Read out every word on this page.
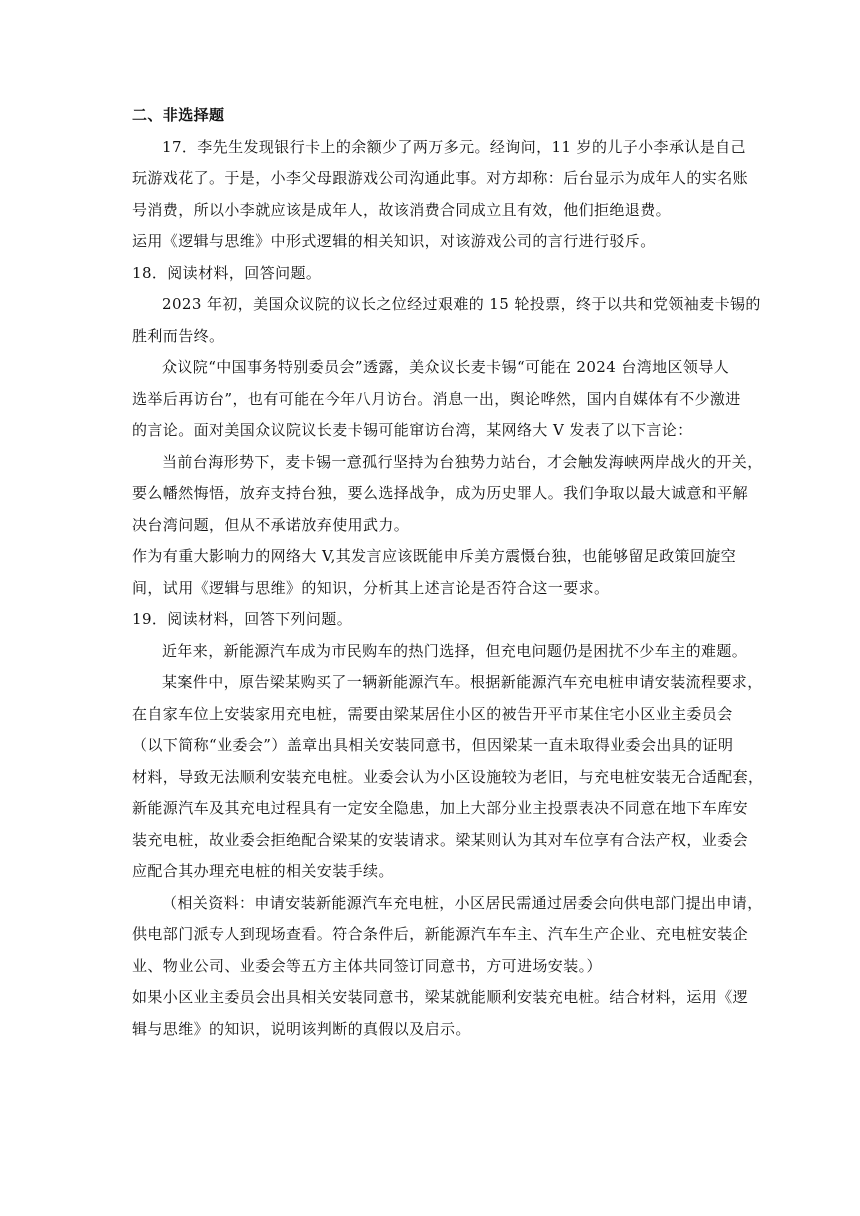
二、非选择题
17．李先生发现银行卡上的余额少了两万多元。经询问，11 岁的儿子小李承认是自己
玩游戏花了。于是，小李父母跟游戏公司沟通此事。对方却称：后台显示为成年人的实名账
号消费，所以小李就应该是成年人，故该消费合同成立且有效，他们拒绝退费。
运用《逻辑与思维》中形式逻辑的相关知识，对该游戏公司的言行进行驳斥。
18．阅读材料，回答问题。
2023 年初，美国众议院的议长之位经过艰难的 15 轮投票，终于以共和党领袖麦卡锡的
胜利而告终。
众议院“中国事务特别委员会”透露，美众议长麦卡锡“可能在 2024 台湾地区领导人
选举后再访台”，也有可能在今年八月访台。消息一出，舆论哗然，国内自媒体有不少激进
的言论。面对美国众议院议长麦卡锡可能窜访台湾，某网络大 V 发表了以下言论：
当前台海形势下，麦卡锡一意孤行坚持为台独势力站台，才会触发海峡两岸战火的开关，
要么幡然悔悟，放弃支持台独，要么选择战争，成为历史罪人。我们争取以最大诚意和平解
决台湾问题，但从不承诺放弃使用武力。
作为有重大影响力的网络大 V,其发言应该既能申斥美方震慑台独，也能够留足政策回旋空
间，试用《逻辑与思维》的知识，分析其上述言论是否符合这一要求。
19．阅读材料，回答下列问题。
近年来，新能源汽车成为市民购车的热门选择，但充电问题仍是困扰不少车主的难题。
某案件中，原告梁某购买了一辆新能源汽车。根据新能源汽车充电桩申请安装流程要求，
在自家车位上安装家用充电桩，需要由梁某居住小区的被告开平市某住宅小区业主委员会
（以下简称“业委会”）盖章出具相关安装同意书，但因梁某一直未取得业委会出具的证明
材料，导致无法顺利安装充电桩。业委会认为小区设施较为老旧，与充电桩安装无合适配套，
新能源汽车及其充电过程具有一定安全隐患，加上大部分业主投票表决不同意在地下车库安
装充电桩，故业委会拒绝配合梁某的安装请求。梁某则认为其对车位享有合法产权，业委会
应配合其办理充电桩的相关安装手续。
（相关资料：申请安装新能源汽车充电桩，小区居民需通过居委会向供电部门提出申请，
供电部门派专人到现场查看。符合条件后，新能源汽车车主、汽车生产企业、充电桩安装企
业、物业公司、业委会等五方主体共同签订同意书，方可进场安装。）
如果小区业主委员会出具相关安装同意书，梁某就能顺利安装充电桩。结合材料，运用《逻
辑与思维》的知识，说明该判断的真假以及启示。
